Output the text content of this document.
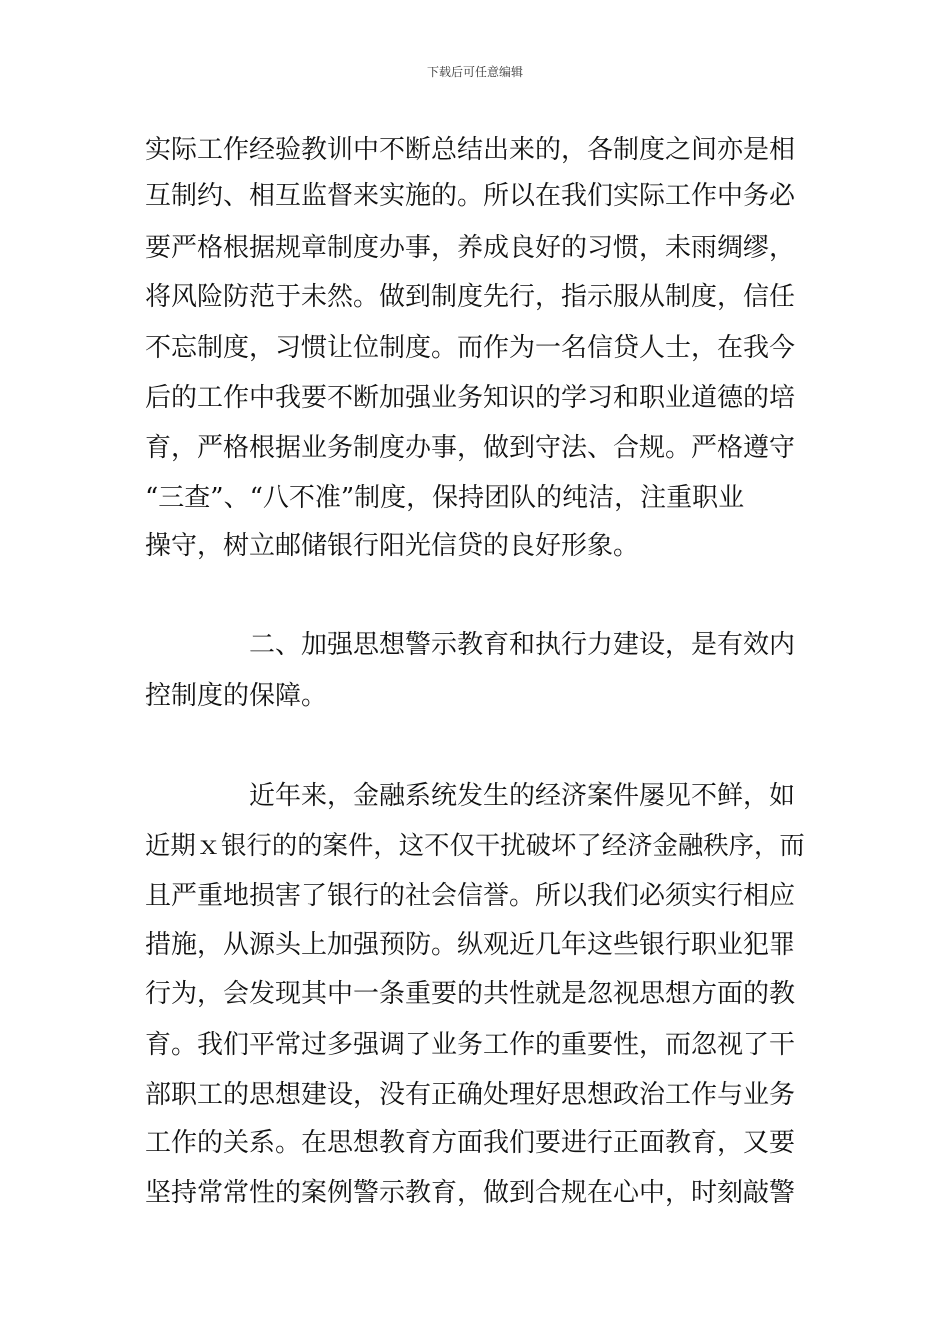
下载后可任意编辑
实际工作经验教训中不断总结出来的，各制度之间亦是相
互制约、相互监督来实施的。所以在我们实际工作中务必
要严格根据规章制度办事，养成良好的习惯，未雨绸缪，
将风险防范于未然。做到制度先行，指示服从制度，信任
不忘制度，习惯让位制度。而作为一名信贷人士，在我今
后的工作中我要不断加强业务知识的学习和职业道德的培
育，严格根据业务制度办事，做到守法、合规。严格遵守
“三查”、“八不准”制度，保持团队的纯洁，注重职业
操守，树立邮储银行阳光信贷的良好形象。
二、加强思想警示教育和执行力建设，是有效内
控制度的保障。
近年来，金融系统发生的经济案件屡见不鲜，如
近期ｘ银行的的案件，这不仅干扰破坏了经济金融秩序，而
且严重地损害了银行的社会信誉。所以我们必须实行相应
措施，从源头上加强预防。纵观近几年这些银行职业犯罪
行为，会发现其中一条重要的共性就是忽视思想方面的教
育。我们平常过多强调了业务工作的重要性，而忽视了干
部职工的思想建设，没有正确处理好思想政治工作与业务
工作的关系。在思想教育方面我们要进行正面教育，又要
坚持常常性的案例警示教育，做到合规在心中，时刻敲警
